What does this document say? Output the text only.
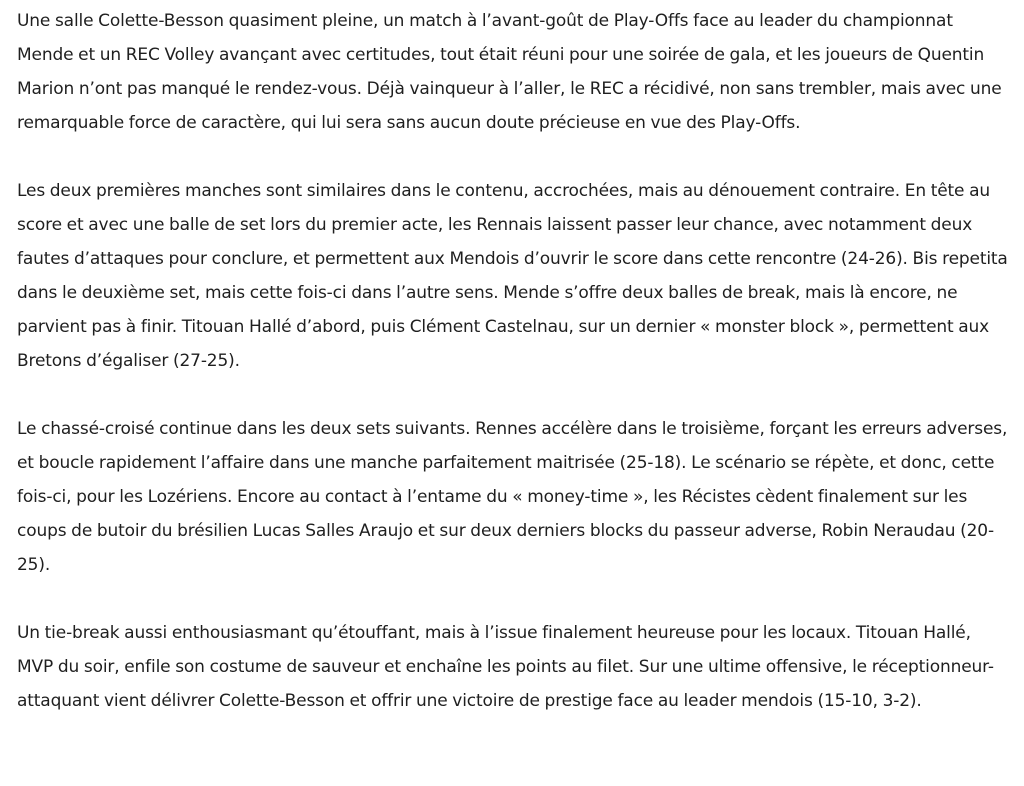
Une salle Colette-Besson quasiment pleine, un match à l’avant-goût de Play-Offs face au leader du championnat Mende et un REC Volley avançant avec certitudes, tout était réuni pour une soirée de gala, et les joueurs de Quentin Marion n’ont pas manqué le rendez-vous. Déjà vainqueur à l’aller, le REC a récidivé, non sans trembler, mais avec une remarquable force de caractère, qui lui sera sans aucun doute précieuse en vue des Play-Offs.

Les deux premières manches sont similaires dans le contenu, accrochées, mais au dénouement contraire. En tête au score et avec une balle de set lors du premier acte, les Rennais laissent passer leur chance, avec notamment deux fautes d’attaques pour conclure, et permettent aux Mendois d’ouvrir le score dans cette rencontre (24-26). Bis repetita dans le deuxième set, mais cette fois-ci dans l’autre sens. Mende s’offre deux balles de break, mais là encore, ne parvient pas à finir. Titouan Hallé d’abord, puis Clément Castelnau, sur un dernier « monster block », permettent aux Bretons d’égaliser (27-25).

Le chassé-croisé continue dans les deux sets suivants. Rennes accélère dans le troisième, forçant les erreurs adverses, et boucle rapidement l’affaire dans une manche parfaitement maitrisée (25-18). Le scénario se répète, et donc, cette fois-ci, pour les Lozériens. Encore au contact à l’entame du « money-time », les Récistes cèdent finalement sur les coups de butoir du brésilien Lucas Salles Araujo et sur deux derniers blocks du passeur adverse, Robin Neraudau (20-25).

Un tie-break aussi enthousiasmant qu’étouffant, mais à l’issue finalement heureuse pour les locaux. Titouan Hallé, MVP du soir, enfile son costume de sauveur et enchaîne les points au filet. Sur une ultime offensive, le réceptionneur-attaquant vient délivrer Colette-Besson et offrir une victoire de prestige face au leader mendois (15-10, 3-2).
